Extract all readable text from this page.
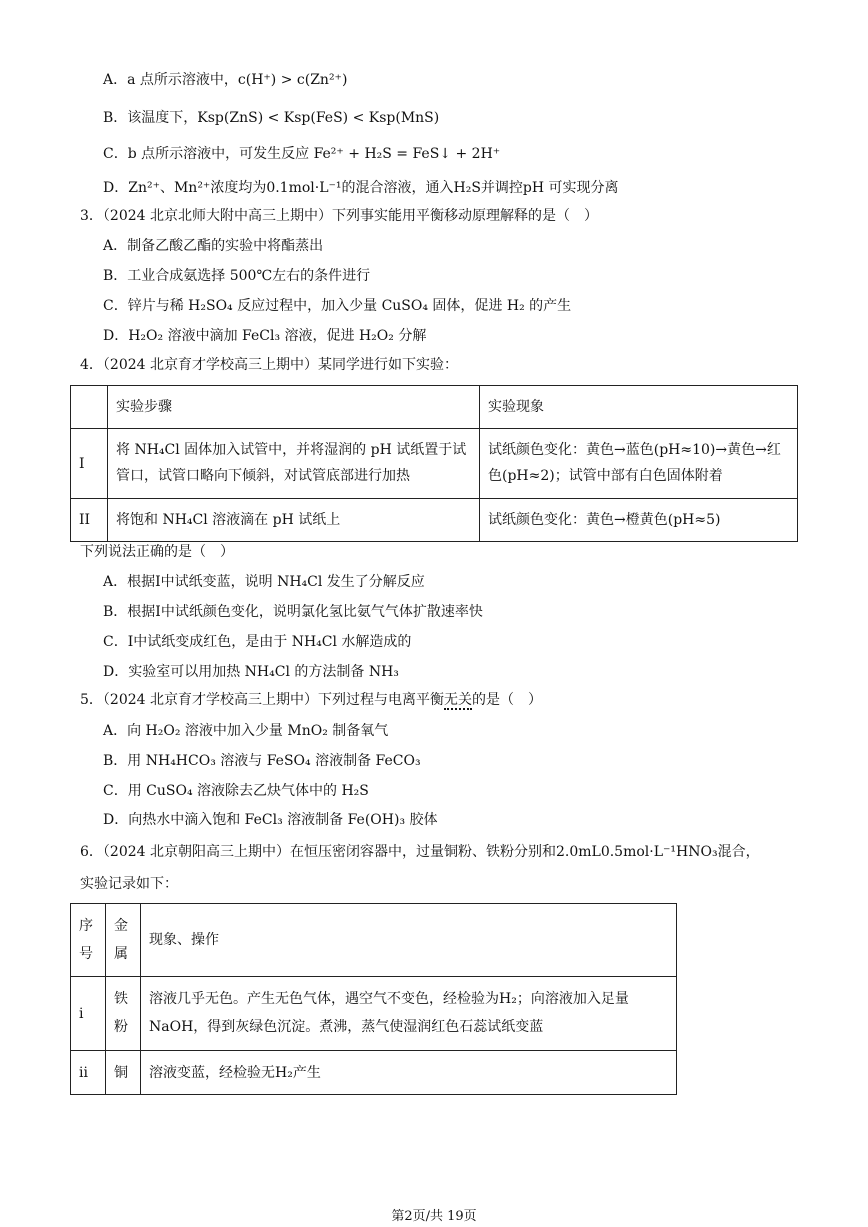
A．a 点所示溶液中，c(H⁺) > c(Zn²⁺)
B．该温度下，Ksp(ZnS) < Ksp(FeS) < Ksp(MnS)
C．b 点所示溶液中，可发生反应 Fe²⁺ + H₂S = FeS↓ + 2H⁺
D．Zn²⁺、Mn²⁺浓度均为0.1mol·L⁻¹的混合溶液，通入H₂S并调控pH 可实现分离
3．（2024 北京北师大附中高三上期中）下列事实能用平衡移动原理解释的是（　）
A．制备乙酸乙酯的实验中将酯蒸出
B．工业合成氨选择 500℃左右的条件进行
C．锌片与稀 H₂SO₄ 反应过程中，加入少量 CuSO₄ 固体，促进 H₂ 的产生
D．H₂O₂ 溶液中滴加 FeCl₃ 溶液，促进 H₂O₂ 分解
4．（2024 北京育才学校高三上期中）某同学进行如下实验：
	实验步骤	实验现象
I	将 NH₄Cl 固体加入试管中，并将湿润的 pH 试纸置于试管口，试管口略向下倾斜，对试管底部进行加热	试纸颜色变化：黄色→蓝色(pH≈10)→黄色→红色(pH≈2)；试管中部有白色固体附着
II	将饱和 NH₄Cl 溶液滴在 pH 试纸上	试纸颜色变化：黄色→橙黄色(pH≈5)
下列说法正确的是（　）
A．根据I中试纸变蓝，说明 NH₄Cl 发生了分解反应
B．根据I中试纸颜色变化，说明氯化氢比氨气气体扩散速率快
C．I中试纸变成红色，是由于 NH₄Cl 水解造成的
D．实验室可以用加热 NH₄Cl 的方法制备 NH₃
5．（2024 北京育才学校高三上期中）下列过程与电离平衡无关的是（　）
A．向 H₂O₂ 溶液中加入少量 MnO₂ 制备氧气
B．用 NH₄HCO₃ 溶液与 FeSO₄ 溶液制备 FeCO₃
C．用 CuSO₄ 溶液除去乙炔气体中的 H₂S
D．向热水中滴入饱和 FeCl₃ 溶液制备 Fe(OH)₃ 胶体
6．（2024 北京朝阳高三上期中）在恒压密闭容器中，过量铜粉、铁粉分别和2.0mL0.5mol·L⁻¹HNO₃混合，
实验记录如下：
序号	金属	现象、操作
i	铁粉	溶液几乎无色。产生无色气体，遇空气不变色，经检验为H₂；向溶液加入足量NaOH，得到灰绿色沉淀。煮沸，蒸气使湿润红色石蕊试纸变蓝
ii	铜	溶液变蓝，经检验无H₂产生
第2页/共 19页
